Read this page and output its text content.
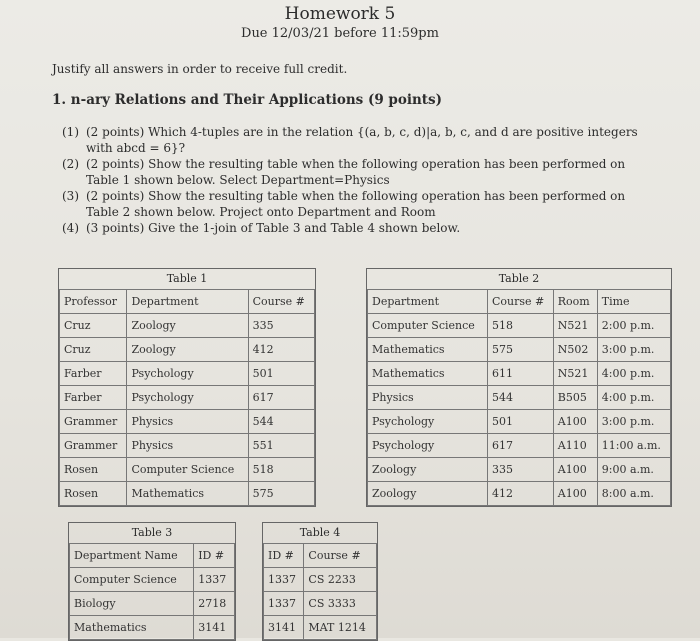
Homework 5
Due 12/03/21 before 11:59pm
Justify all answers in order to receive full credit.
1. n-ary Relations and Their Applications (9 points)
(1) (2 points) Which 4-tuples are in the relation {(a, b, c, d)|a, b, c, and d are positive integers with abcd = 6}?
(2) (2 points) Show the resulting table when the following operation has been performed on Table 1 shown below. Select Department=Physics
(3) (2 points) Show the resulting table when the following operation has been performed on Table 2 shown below. Project onto Department and Room
(4) (3 points) Give the 1-join of Table 3 and Table 4 shown below.
Table 1
Professor	Department	Course #
Cruz	Zoology	335
Cruz	Zoology	412
Farber	Psychology	501
Farber	Psychology	617
Grammer	Physics	544
Grammer	Physics	551
Rosen	Computer Science	518
Rosen	Mathematics	575
Table 2
Department	Course #	Room	Time
Computer Science	518	N521	2:00 p.m.
Mathematics	575	N502	3:00 p.m.
Mathematics	611	N521	4:00 p.m.
Physics	544	B505	4:00 p.m.
Psychology	501	A100	3:00 p.m.
Psychology	617	A110	11:00 a.m.
Zoology	335	A100	9:00 a.m.
Zoology	412	A100	8:00 a.m.
Table 3
Department Name	ID #
Computer Science	1337
Biology	2718
Mathematics	3141
Table 4
ID #	Course #
1337	CS 2233
1337	CS 3333
3141	MAT 1214
